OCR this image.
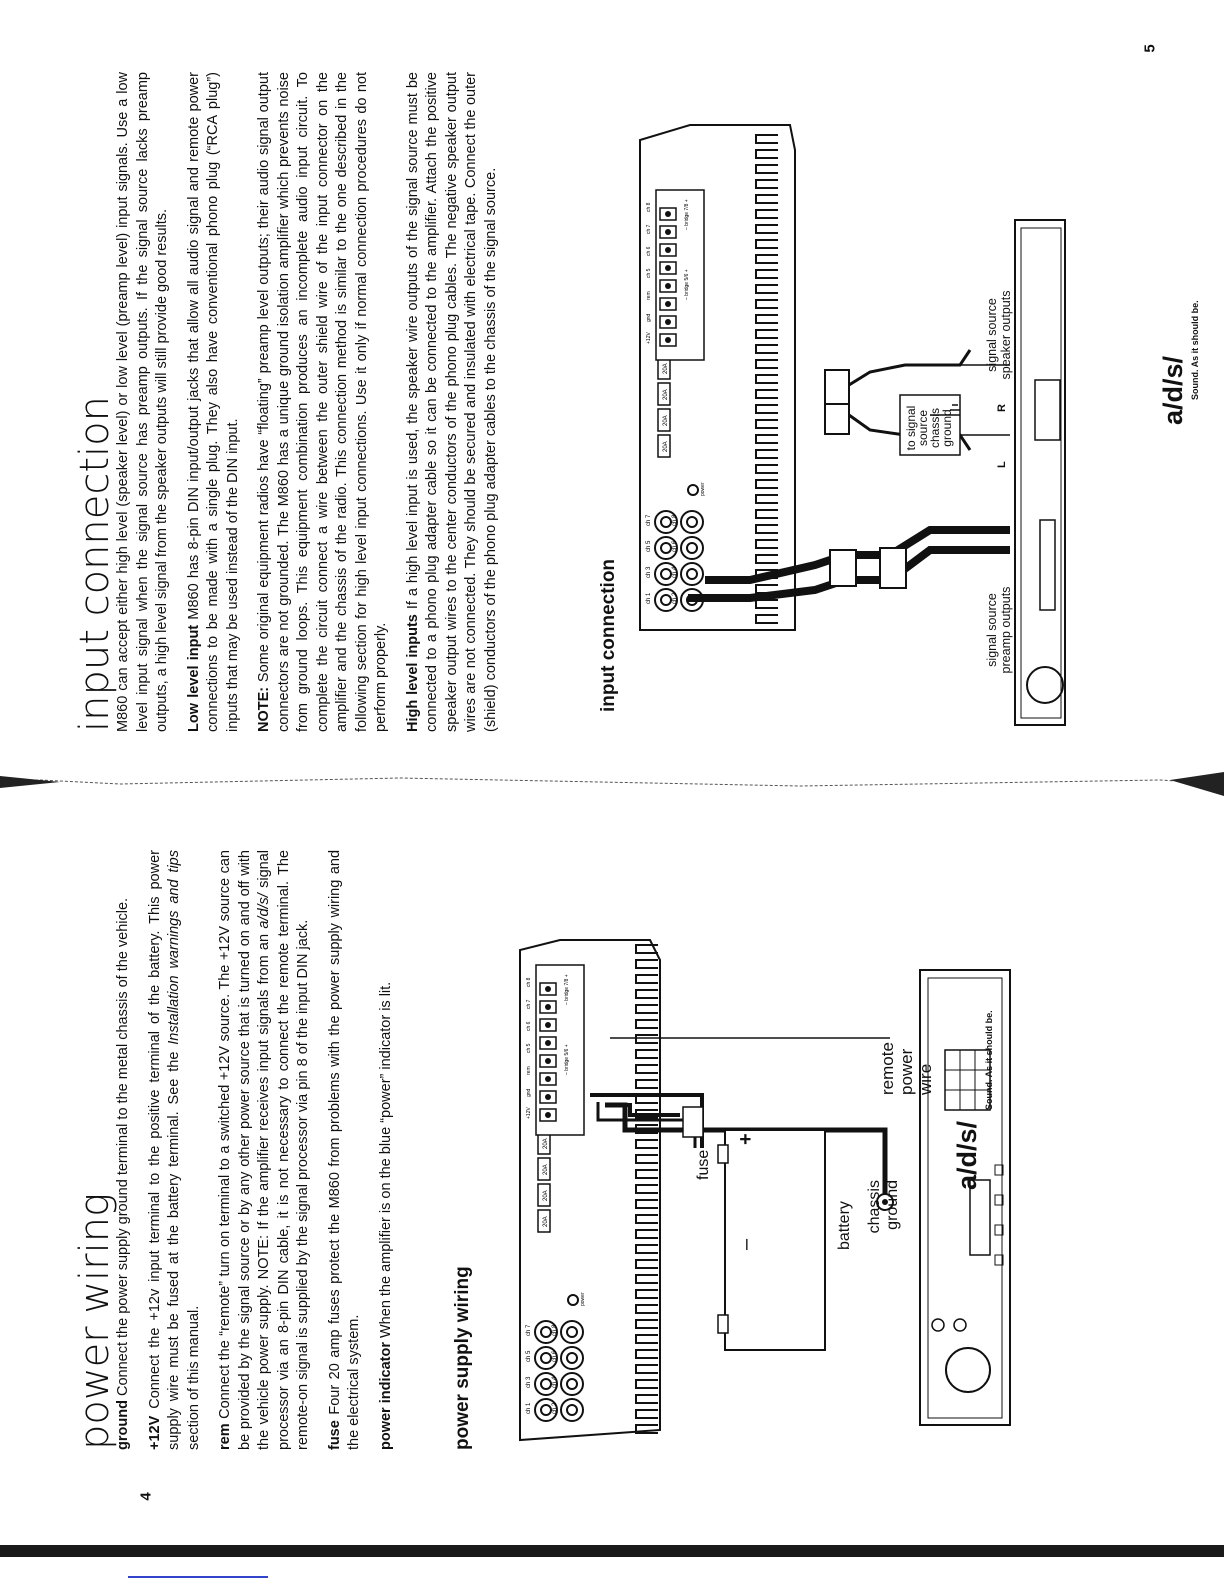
4
5
power wiring

ground Connect the power supply ground terminal to the metal chassis of the vehicle.

+12V Connect the +12v input terminal to the positive terminal of the battery. This power supply wire must be fused at the battery terminal. See the Installation warnings and tips section of this manual. rem Connect the “remote” turn on terminal to a switched +12V source. The +12V source can be provided by the signal source or by any other power source that is turned on and off with the vehicle power supply. NOTE: If the amplifier receives input signals from an a/d/s/ signal processor via an 8-pin DIN cable, it is not necessary to connect the remote terminal. The remote-on signal is supplied by the signal processor via pin 8 of the input DIN jack. fuse Four 20 amp fuses protect the M860 from problems with the power supply wiring and the electrical system. power indicator When the amplifier is on the blue “power” indicator is lit.

power supply wiring	ch 1	ch 2
ch 3	ch 4
ch 5	ch 6
ch 7	ch 8
power
20A
20A
20A
20A
+12V
gnd
rem
ch 5
ch 6
ch 7
ch 8
– bridge 5/6 +
– bridge 7/8 +
battery
+
–
fuse
chassis ground
remote power wire
a/d/s/
Sound. As it should be.
input connection

M860 can accept either high level (speaker level) or low level (preamp level) input signals. Use a low level input signal when the signal source has preamp outputs. If the signal source lacks preamp outputs, a high level signal from the speaker outputs will still provide good results. Low level input M860 has 8-pin DIN input/output jacks that allow all audio signal and remote power connections to be made with a single plug. They also have conventional phono plug (“RCA plug”) inputs that may be used instead of the DIN input. NOTE: Some original equipment radios have “floating” preamp level outputs; their audio signal output connectors are not grounded. The M860 has a unique ground isolation amplifier which prevents noise from ground loops. This equipment combination produces an incomplete audio input circuit. To complete the circuit connect a wire between the outer shield wire of the input connector on the amplifier and the chassis of the radio. This connection method is similar to the one described in the following section for high level input connections. Use it only if normal connection procedures do not perform properly. High level inputs If a high level input is used, the speaker wire outputs of the signal source must be connected to a phono plug adapter cable so it can be connected to the amplifier. Attach the positive speaker output wires to the center conductors of the phono plug cables. The negative speaker output wires are not connected. They should be secured and insulated with electrical tape. Connect the outer (shield) conductors of the phono plug adapter cables to the chassis of the signal source.	input connection	ch 1	ch 2
ch 3	ch 4
ch 5	ch 6
ch 7	ch 8
power
20A
20A
20A
20A
+12V
gnd
rem
ch 5
ch 6
ch 7
ch 8
– bridge 5/6 +
– bridge 7/8 +
signal source preamp outputs
signal source speaker outputs
to signal source chassis ground
L
R	a/d/s/ Sound. As it should be.
